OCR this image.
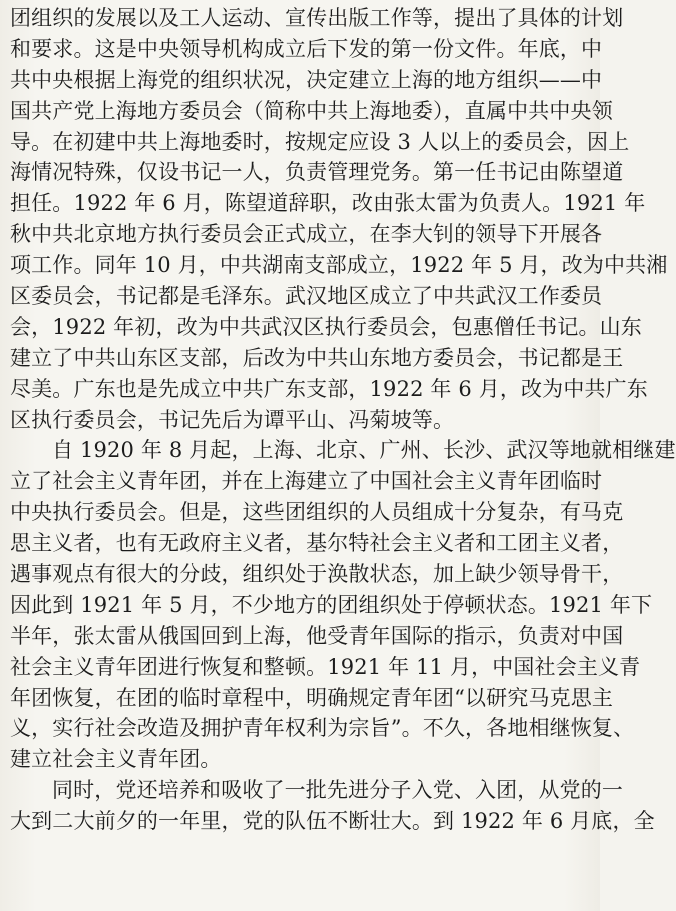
团组织的发展以及工人运动、宣传出版工作等，提出了具体的计划
和要求。这是中央领导机构成立后下发的第一份文件。年底，中
共中央根据上海党的组织状况，决定建立上海的地方组织——中
国共产党上海地方委员会（简称中共上海地委），直属中共中央领
导。在初建中共上海地委时，按规定应设 3 人以上的委员会，因上
海情况特殊，仅设书记一人，负责管理党务。第一任书记由陈望道
担任。1922 年 6 月，陈望道辞职，改由张太雷为负责人。1921 年
秋中共北京地方执行委员会正式成立，在李大钊的领导下开展各
项工作。同年 10 月，中共湖南支部成立，1922 年 5 月，改为中共湘
区委员会，书记都是毛泽东。武汉地区成立了中共武汉工作委员
会，1922 年初，改为中共武汉区执行委员会，包惠僧任书记。山东
建立了中共山东区支部，后改为中共山东地方委员会，书记都是王
尽美。广东也是先成立中共广东支部，1922 年 6 月，改为中共广东
区执行委员会，书记先后为谭平山、冯菊坡等。
自 1920 年 8 月起，上海、北京、广州、长沙、武汉等地就相继建
立了社会主义青年团，并在上海建立了中国社会主义青年团临时
中央执行委员会。但是，这些团组织的人员组成十分复杂，有马克
思主义者，也有无政府主义者，基尔特社会主义者和工团主义者，
遇事观点有很大的分歧，组织处于涣散状态，加上缺少领导骨干，
因此到 1921 年 5 月，不少地方的团组织处于停顿状态。1921 年下
半年，张太雷从俄国回到上海，他受青年国际的指示，负责对中国
社会主义青年团进行恢复和整顿。1921 年 11 月，中国社会主义青
年团恢复，在团的临时章程中，明确规定青年团“以研究马克思主
义，实行社会改造及拥护青年权利为宗旨”。不久，各地相继恢复、
建立社会主义青年团。
同时，党还培养和吸收了一批先进分子入党、入团，从党的一
大到二大前夕的一年里，党的队伍不断壮大。到 1922 年 6 月底，全
